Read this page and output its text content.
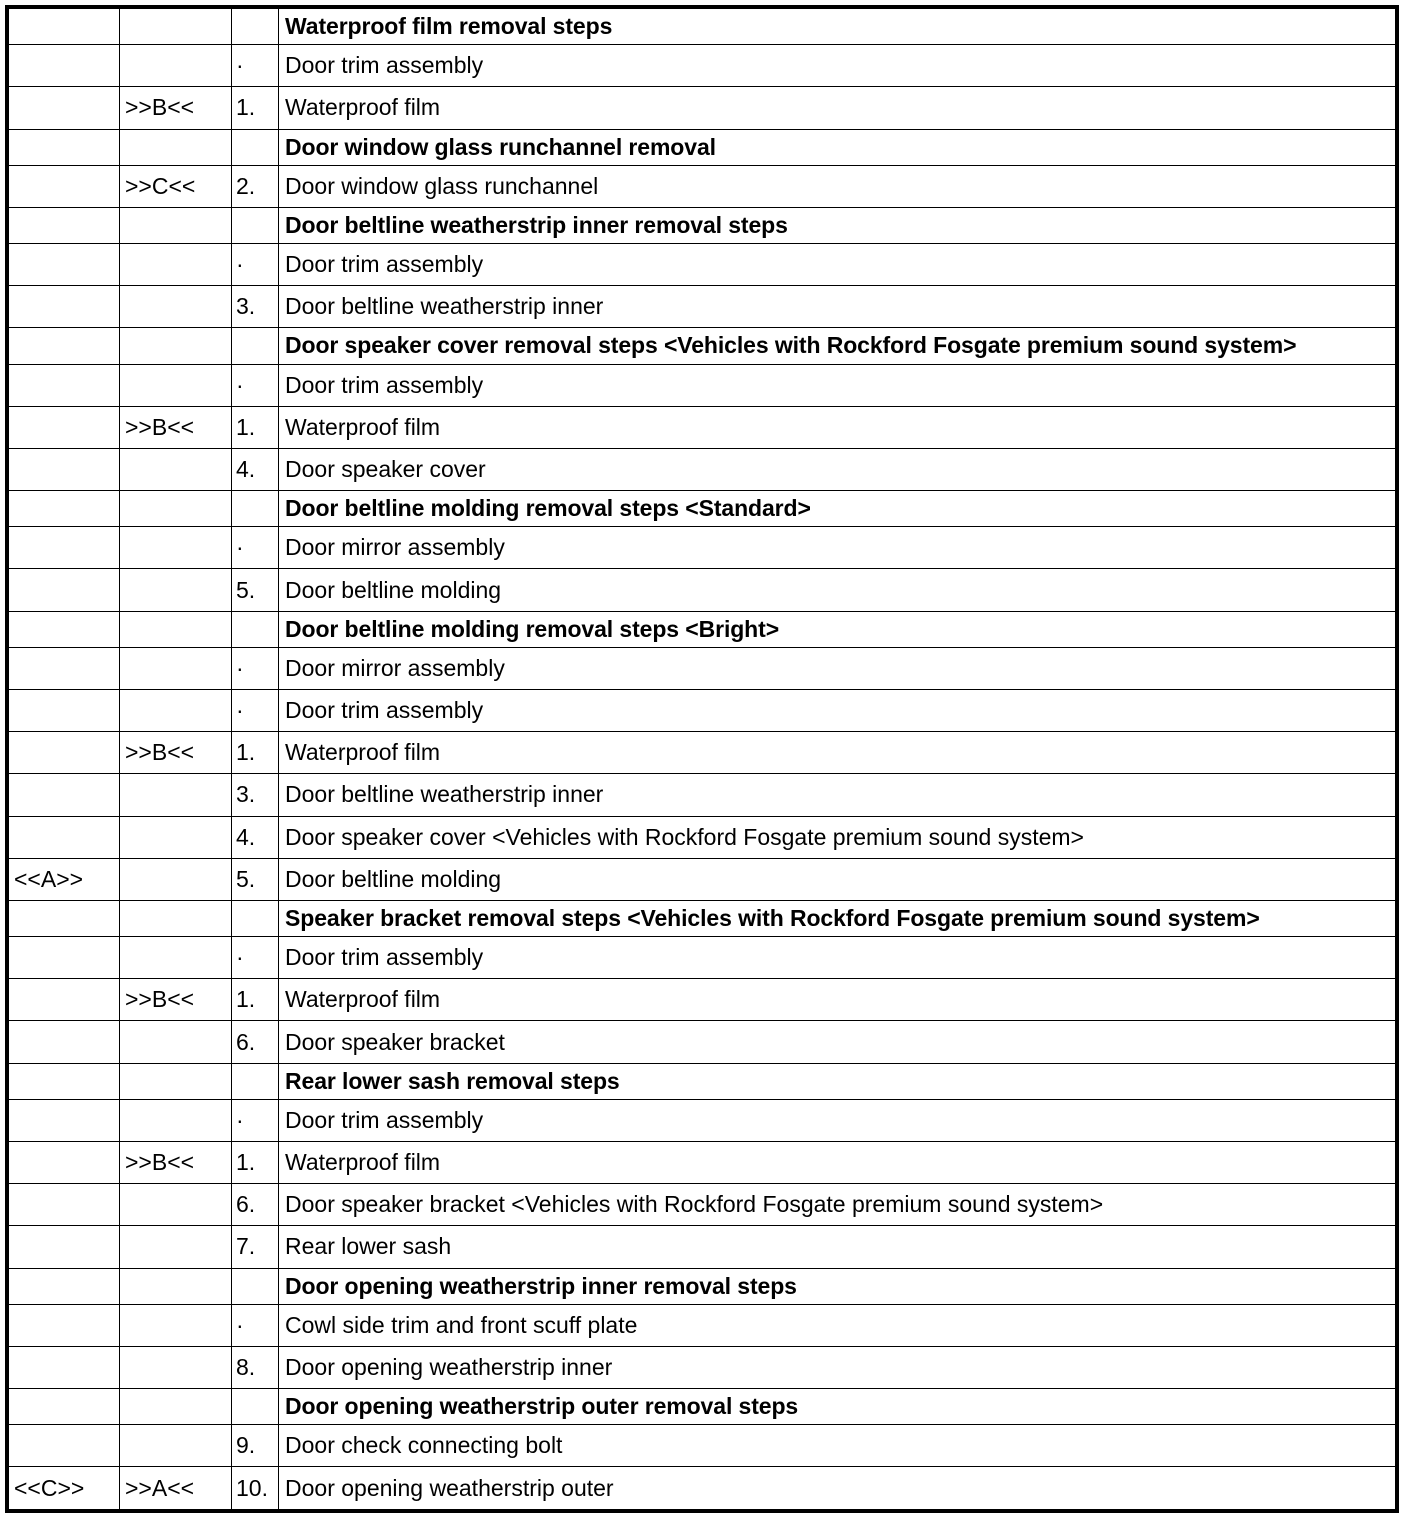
			Waterproof film removal steps
		·	Door trim assembly
	>>B<<	1.	Waterproof film
			Door window glass runchannel removal
	>>C<<	2.	Door window glass runchannel
			Door beltline weatherstrip inner removal steps
		·	Door trim assembly
		3.	Door beltline weatherstrip inner
			Door speaker cover removal steps <Vehicles with Rockford Fosgate premium sound system>
		·	Door trim assembly
	>>B<<	1.	Waterproof film
		4.	Door speaker cover
			Door beltline molding removal steps <Standard>
		·	Door mirror assembly
		5.	Door beltline molding
			Door beltline molding removal steps <Bright>
		·	Door mirror assembly
		·	Door trim assembly
	>>B<<	1.	Waterproof film
		3.	Door beltline weatherstrip inner
		4.	Door speaker cover <Vehicles with Rockford Fosgate premium sound system>
<<A>>		5.	Door beltline molding
			Speaker bracket removal steps <Vehicles with Rockford Fosgate premium sound system>
		·	Door trim assembly
	>>B<<	1.	Waterproof film
		6.	Door speaker bracket
			Rear lower sash removal steps
		·	Door trim assembly
	>>B<<	1.	Waterproof film
		6.	Door speaker bracket <Vehicles with Rockford Fosgate premium sound system>
		7.	Rear lower sash
			Door opening weatherstrip inner removal steps
		·	Cowl side trim and front scuff plate
		8.	Door opening weatherstrip inner
			Door opening weatherstrip outer removal steps
		9.	Door check connecting bolt
<<C>>	>>A<<	10.	Door opening weatherstrip outer
